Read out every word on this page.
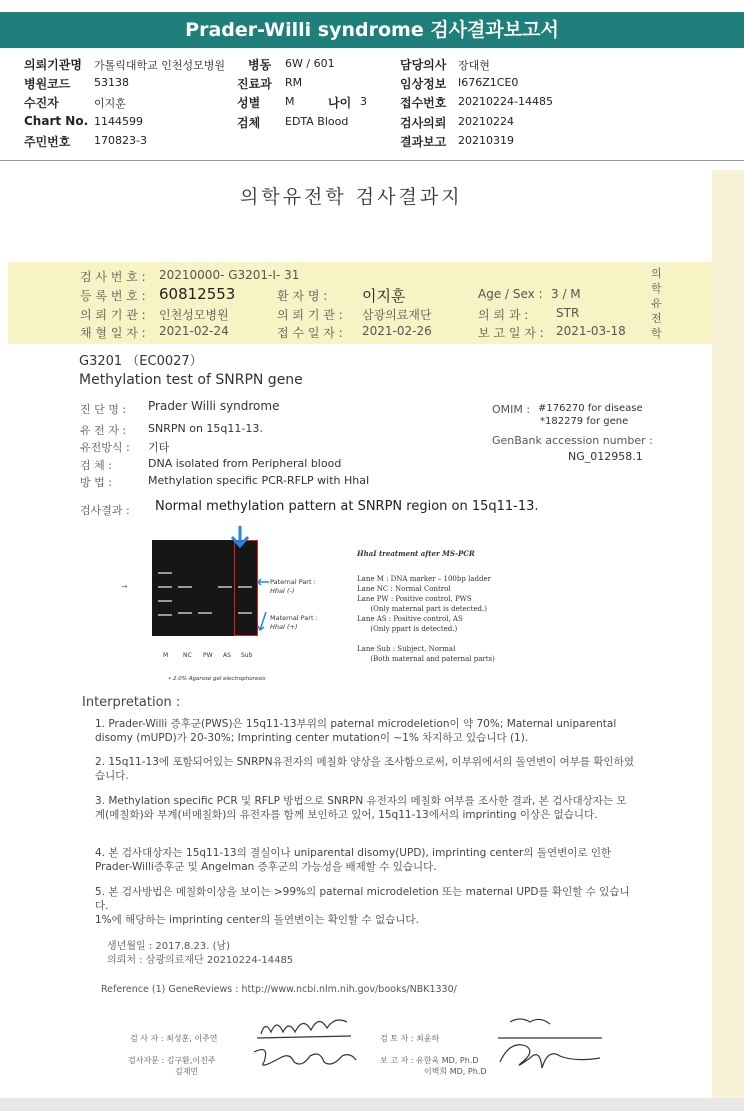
Prader-Willi syndrome 검사결과보고서
의뢰기관명 가톨릭대학교 인천성모병원 병동 6W / 601	담당의사 장대현
병원코드 53138	진료과 RM	임상정보 I676Z1CE0
수진자	이지훈	성별 M	나이 3	접수번호 20210224-14485
Chart No. 1144599	검체 EDTA Blood	검사의뢰 20210224
주민번호 170823-3	결과보고 20210319
의학유전학 검사결과지
의학유전학
검 사 번 호 : 20210000- G3201-I- 31
등 록 번 호 : 60812553	환 자 명 : 이지훈	Age / Sex : 3 / M
의 뢰 기 관 : 인천성모병원	의 뢰 기 관 : 삼광의료재단	의 뢰 과 : STR
채 혈 일 자 : 2021-02-24	접 수 일 자 : 2021-02-26	보 고 일 자 : 2021-03-18
G3201 （EC0027）
Methylation test of SNRPN gene
진 단 명 : Prader Willi syndrome
유 전 자 : SNRPN on 15q11-13.
유전방식 : 기타
검 체 :	DNA isolated from Peripheral blood
방 법 :	Methylation specific PCR-RFLP with HhaI
OMIM : #176270 for disease
*182279 for gene
GenBank accession number :
NG_012958.1
검사결과 : Normal methylation pattern at SNRPN region on 15q11-13.
→	Paternal Part :
HhaI (-)
Maternal Part :
HhaI (+)
M NC PW AS Sub
• 2.0% Agarose gel electrophoresis
HhaI treatment after MS-PCR
Lane M : DNA marker – 100bp ladder
Lane NC : Normal Control
Lane PW : Positive control, PWS
(Only maternal part is detected.)
Lane AS : Positive control, AS
(Only ppart is detected.)

Lane Sub : Subject, Normal
(Both maternal and paternal parts)
Interpretation :
1. Prader-Willi 증후군(PWS)은 15q11-13부위의 paternal microdeletion이 약 70%; Maternal uniparental disomy (mUPD)가 20-30%; Imprinting center mutation이 ~1% 차지하고 있습니다 (1).
2. 15q11-13에 포함되어있는 SNRPN유전자의 메칠화 양상을 조사함으로써, 이부위에서의 돌연변이 여부를 확인하였습니다.
3. Methylation specific PCR 및 RFLP 방법으로 SNRPN 유전자의 메칠화 여부를 조사한 결과, 본 검사대상자는 모계(메칠화)와 부계(비메칠화)의 유전자를 함께 보인하고 있어, 15q11-13에서의 imprinting 이상은 없습니다.
4. 본 검사대상자는 15q11-13의 결실이나 uniparental disomy(UPD), imprinting center의 돌연변이로 인한 Prader-Willi증후군 및 Angelman 증후군의 가능성을 배제할 수 있습니다.
5. 본 검사방법은 메칠화이상을 보이는 >99%의 paternal microdeletion 또는 maternal UPD를 확인할 수 있습니다.
1%에 해당하는 imprinting center의 돌연변이는 확인할 수 없습니다.
생년월일 : 2017.8.23. (남)
의뢰처 : 삼광의료재단 20210224-14485
Reference (1) GeneReviews : http://www.ncbi.nlm.nih.gov/books/NBK1330/
검 사 자 : 최성훈, 이주연	검 토 자 : 최윤하
검사자문 : 김구환,이진주
김재민
보 고 자 : 유한욱 MD, Ph.D
이벽희 MD, Ph.D
